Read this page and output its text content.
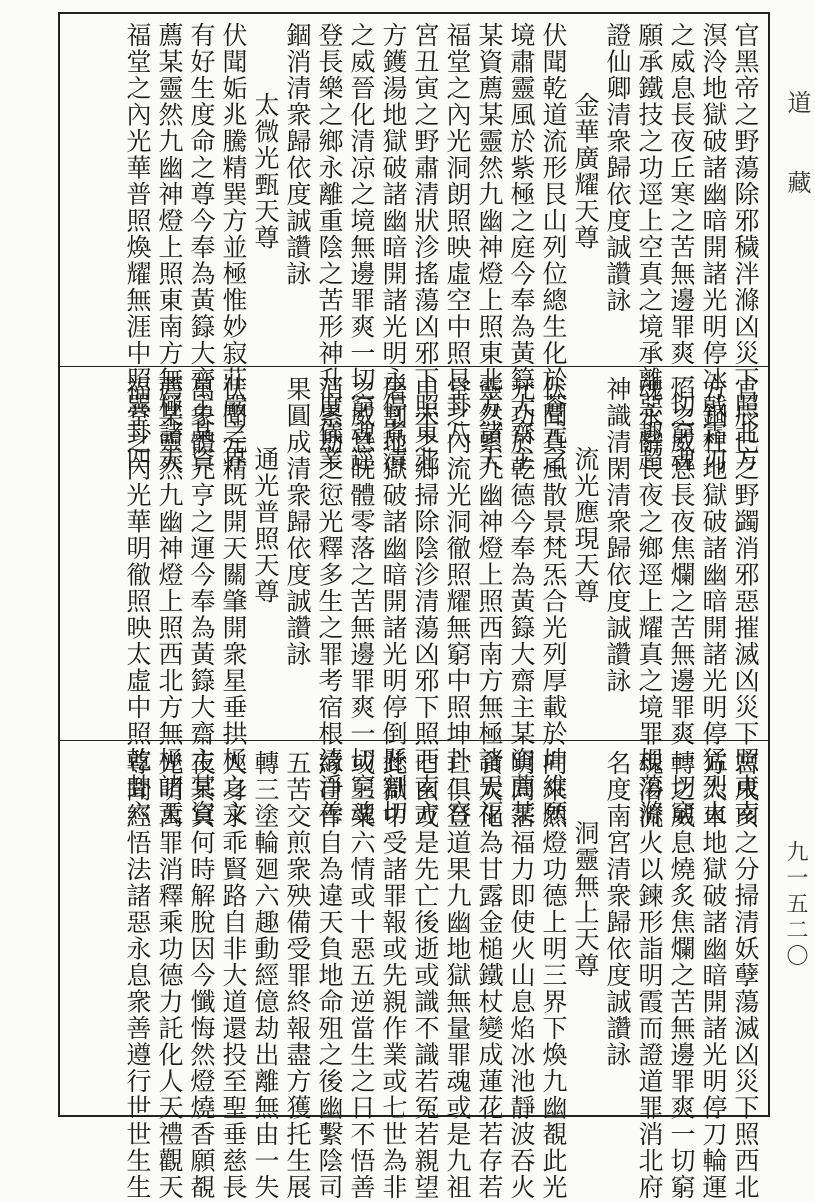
道 藏
九一五二〇
官黑帝之野蕩除邪穢泮滌凶災下照北方
溟泠地獄破諸幽暗開諸光明停冰戟霜刃
之威息長夜丘寒之苦無邊罪爽一切窮魂
願承鐵技之功逕上空真之境承離惡趣超
證仙卿清衆歸依度誠讚詠
金華廣耀天尊
伏聞乾道流形艮山列位總生化於蒼元之
境肅靈風於紫極之庭今奉為黃籙大齋主
某資薦某靈然九幽神燈上照東北方諸天
福堂之內光洞朗照映虛空中照艮卦八
宮丑寅之野肅清狀沴搖蕩凶邪下照東北
方鑊湯地獄破諸幽暗開諸光明永停煮漬
之威晉化清凉之境無邊罪爽一切窮魂逕
登長樂之鄉永離重陰之苦形神升度儀業
錮消清衆歸依度誠讚詠
太微光甄天尊
伏聞姤兆騰精巽方並極惟妙寂莊嚴之界
有好生度命之尊今奉為黃籙大齋主某資
薦某靈然九幽神燈上照東南方無極諸天
福堂之內光華普照煥耀無涯中照巽卦四
官辰巳之野蠲消邪惡摧滅凶災下照東南
方銅柱地獄破諸幽暗開諸光明停猛烈火
焰之威息長夜焦爛之苦無邊罪爽一切窮
魂永辭長夜之鄉逕上耀真之境罪根蕩滌
神識清閑清衆歸依度誠讚詠
流光應現天尊
伏聞真風散景梵炁合光列厚載於坤維願
元功於乾德今奉為黃籙大齋主某資薦某
靈然累九幽神燈上照西南方無極諸天福
堂之內流光洞徹照耀無窮中照坤卦二宮
申未之鄉掃除陰沴清蕩凶邪下照西南方
屠割地獄破諸幽暗開諸光明停倒懸割切
之威息眈體零落之苦無邊罪爽一切窮魂
消累劫之愆光釋多生之罪考宿根清淨善
果圓成清衆歸依度誠讚詠
通光普照天尊
伏聞元精既開天關肇開衆星垂拱極之文
萬象體元亨之運今奉為黃籙大齋主某資
薦某靈然九幽神燈上照西北方無極諸天
福堂之內光華明徹照映太虛中照乾卦六
宮戌亥之分掃清妖孽蕩滅凶災下照西北
方大車地獄破諸幽暗開諸光明停刀輪運
轉之威息燒炙焦爛之苦無邊罪爽一切窮
魂浴流火以鍊形詣明霞而證道罪消北府
名度南宮清衆歸依度誠讚詠
洞靈無上天尊
向來然燈功德上明三界下煥九幽覩此光
明同霑福力即使火山息焰冰池靜波吞火
食炭化為甘露金槌鐵杖變成蓮花若存若
亡俱登道果九幽地獄無量罪魂或是九祖
七玄或是先亡後逝或識不識若冤若親望
此獄中受諸罪報或先親作業或七世為非
或三業六情或十惡五逆當生之日不悟善
緣自作自為違天負地命殂之後幽繫陰司
五苦交煎衆殃備受罪終報盡方獲托生展
轉三塗輪廻六趣動經億劫出離無由一失
人身永乖賢路自非大道還投至聖垂慈長
夜冥冥何時解脫因今懺悔然燈燒香願覩
光明萬罪消釋乘功德力託化人天禮觀天
尊聞經悟法諸惡永息衆善遵行世世生生
